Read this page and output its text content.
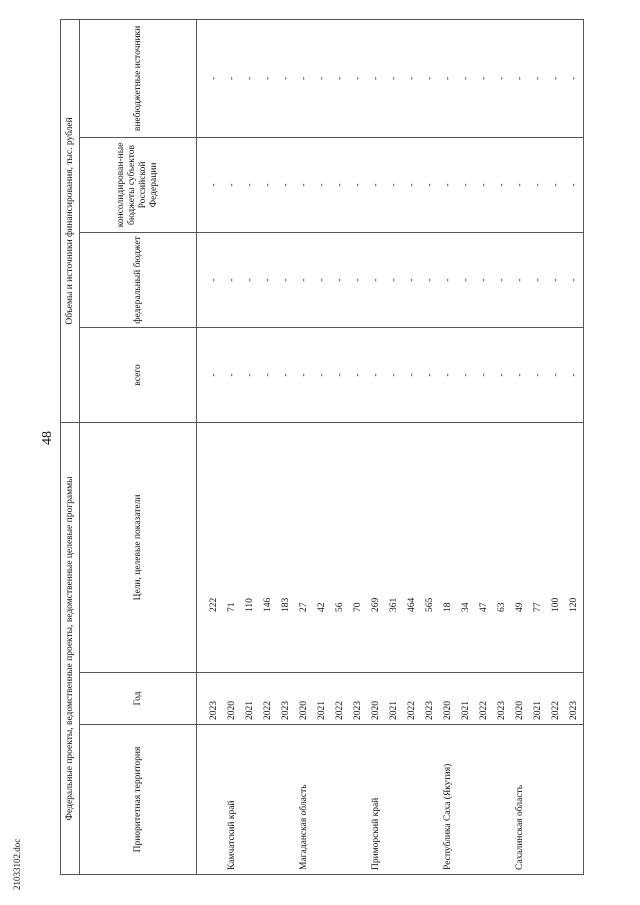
48
Федеральные проекты, ведомственные проекты, ведомственные целевые программы			Объемы и источники финансирования, тыс. рублей			
Приоритетная территория	Год	Цели, целевые показатели	всего	федеральный бюджет	консолидирован-ные бюджеты субъектов Российской Федерации	внебюджетные источники
	2023	222	-	-	-	-
Камчатский край	2020	71	-	-	-	-
	2021	110	-	-	-	-
	2022	146	-	-	-	-
	2023	183	-	-	-	-
Магаданская область	2020	27	-	-	-	-
	2021	42	-	-	-	-
	2022	56	-	-	-	-
	2023	70	-	-	-	-
Приморский край	2020	269	-	-	-	-
	2021	361	-	-	-	-
	2022	464	-	-	-	-
	2023	565	-	-	-	-
Республика Саха (Якутия)	2020	18	-	-	-	-
	2021	34	-	-	-	-
	2022	47	-	-	-	-
	2023	63	-	-	-	-
Сахалинская область	2020	49	-	-	-	-
	2021	77	-	-	-	-
	2022	100	-	-	-	-
	2023	120	-	-	-	-
21033102.doc
